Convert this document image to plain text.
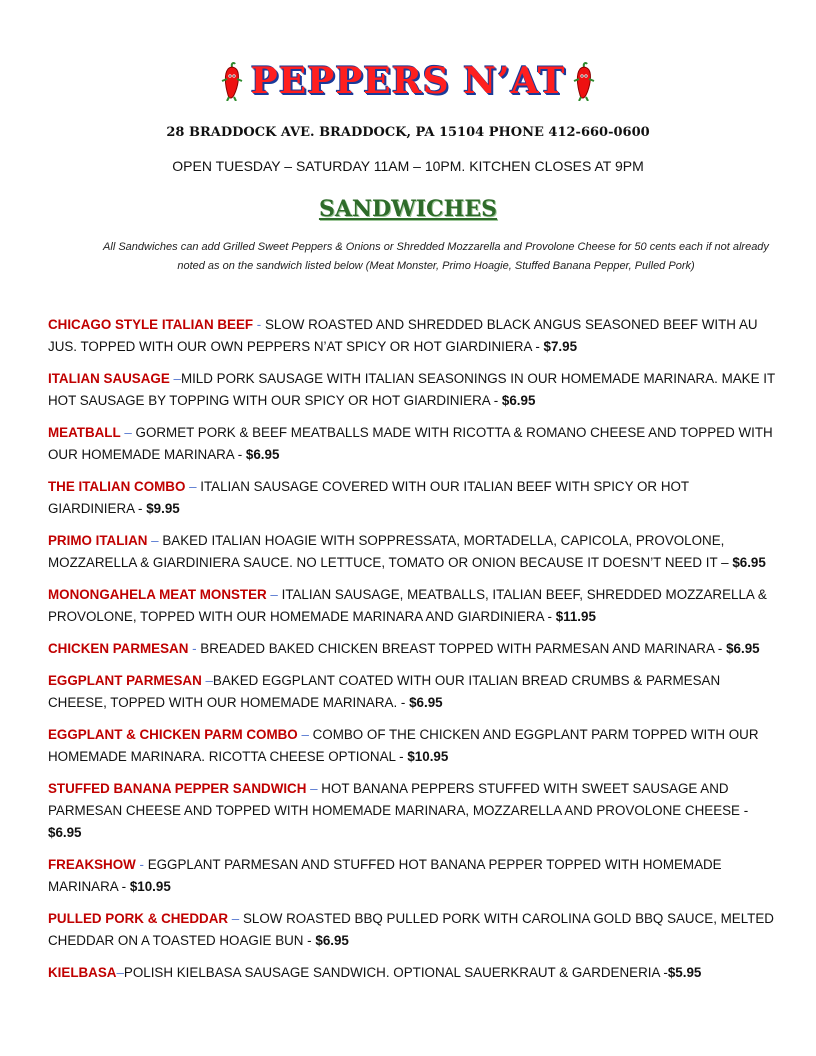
PEPPERS N’AT
28 BRADDOCK AVE. BRADDOCK, PA 15104 PHONE 412-660-0600
OPEN TUESDAY – SATURDAY 11AM – 10PM. KITCHEN CLOSES AT 9PM
SANDWICHES
All Sandwiches can add Grilled Sweet Peppers & Onions or Shredded Mozzarella and Provolone Cheese for 50 cents each if not already noted as on the sandwich listed below (Meat Monster, Primo Hoagie, Stuffed Banana Pepper, Pulled Pork)
CHICAGO STYLE ITALIAN BEEF - SLOW ROASTED AND SHREDDED BLACK ANGUS SEASONED BEEF WITH AU JUS. TOPPED WITH OUR OWN PEPPERS N’AT SPICY OR HOT GIARDINIERA - $7.95
ITALIAN SAUSAGE –MILD PORK SAUSAGE WITH ITALIAN SEASONINGS IN OUR HOMEMADE MARINARA. MAKE IT HOT SAUSAGE BY TOPPING WITH OUR SPICY OR HOT GIARDINIERA - $6.95
MEATBALL – GORMET PORK & BEEF MEATBALLS MADE WITH RICOTTA & ROMANO CHEESE AND TOPPED WITH OUR HOMEMADE MARINARA - $6.95
THE ITALIAN COMBO – ITALIAN SAUSAGE COVERED WITH OUR ITALIAN BEEF WITH SPICY OR HOT GIARDINIERA - $9.95
PRIMO ITALIAN – BAKED ITALIAN HOAGIE WITH SOPPRESSATA, MORTADELLA, CAPICOLA, PROVOLONE, MOZZARELLA & GIARDINIERA SAUCE. NO LETTUCE, TOMATO OR ONION BECAUSE IT DOESN’T NEED IT – $6.95
MONONGAHELA MEAT MONSTER – ITALIAN SAUSAGE, MEATBALLS, ITALIAN BEEF, SHREDDED MOZZARELLA & PROVOLONE, TOPPED WITH OUR HOMEMADE MARINARA AND GIARDINIERA - $11.95
CHICKEN PARMESAN - BREADED BAKED CHICKEN BREAST TOPPED WITH PARMESAN AND MARINARA - $6.95
EGGPLANT PARMESAN –BAKED EGGPLANT COATED WITH OUR ITALIAN BREAD CRUMBS & PARMESAN CHEESE, TOPPED WITH OUR HOMEMADE MARINARA. - $6.95
EGGPLANT & CHICKEN PARM COMBO – COMBO OF THE CHICKEN AND EGGPLANT PARM TOPPED WITH OUR HOMEMADE MARINARA. RICOTTA CHEESE OPTIONAL - $10.95
STUFFED BANANA PEPPER SANDWICH – HOT BANANA PEPPERS STUFFED WITH SWEET SAUSAGE AND PARMESAN CHEESE AND TOPPED WITH HOMEMADE MARINARA, MOZZARELLA AND PROVOLONE CHEESE - $6.95
FREAKSHOW - EGGPLANT PARMESAN AND STUFFED HOT BANANA PEPPER TOPPED WITH HOMEMADE MARINARA - $10.95
PULLED PORK & CHEDDAR – SLOW ROASTED BBQ PULLED PORK WITH CAROLINA GOLD BBQ SAUCE, MELTED CHEDDAR ON A TOASTED HOAGIE BUN - $6.95
KIELBASA–POLISH KIELBASA SAUSAGE SANDWICH. OPTIONAL SAUERKRAUT & GARDENERIA -$5.95
